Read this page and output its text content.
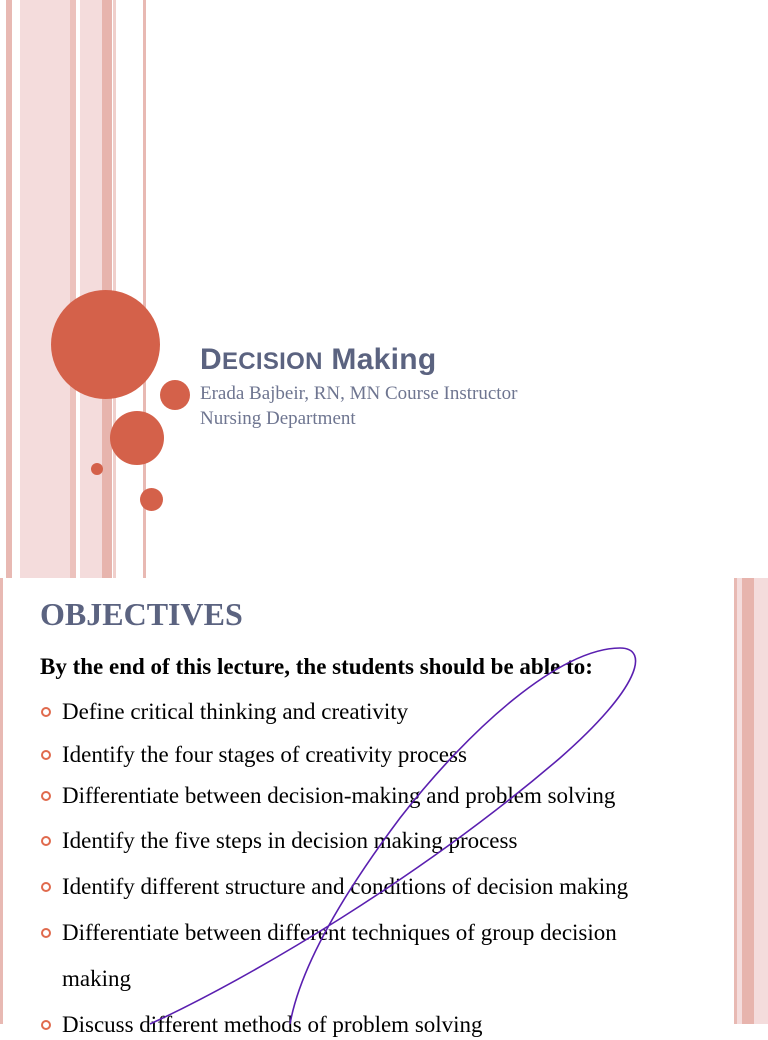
DECISION Making

Erada Bajbeir, RN, MN Course Instructor

Nursing Department

OBJECTIVES

By the end of this lecture, the students should be able to:

Define critical thinking and creativity
Identify the four stages of creativity process
Differentiate between decision-making and problem solving
Identify the five steps in decision making process
Identify different structure and conditions of decision making
Differentiate between different techniques of group decision
making
Discuss different methods of problem solving
